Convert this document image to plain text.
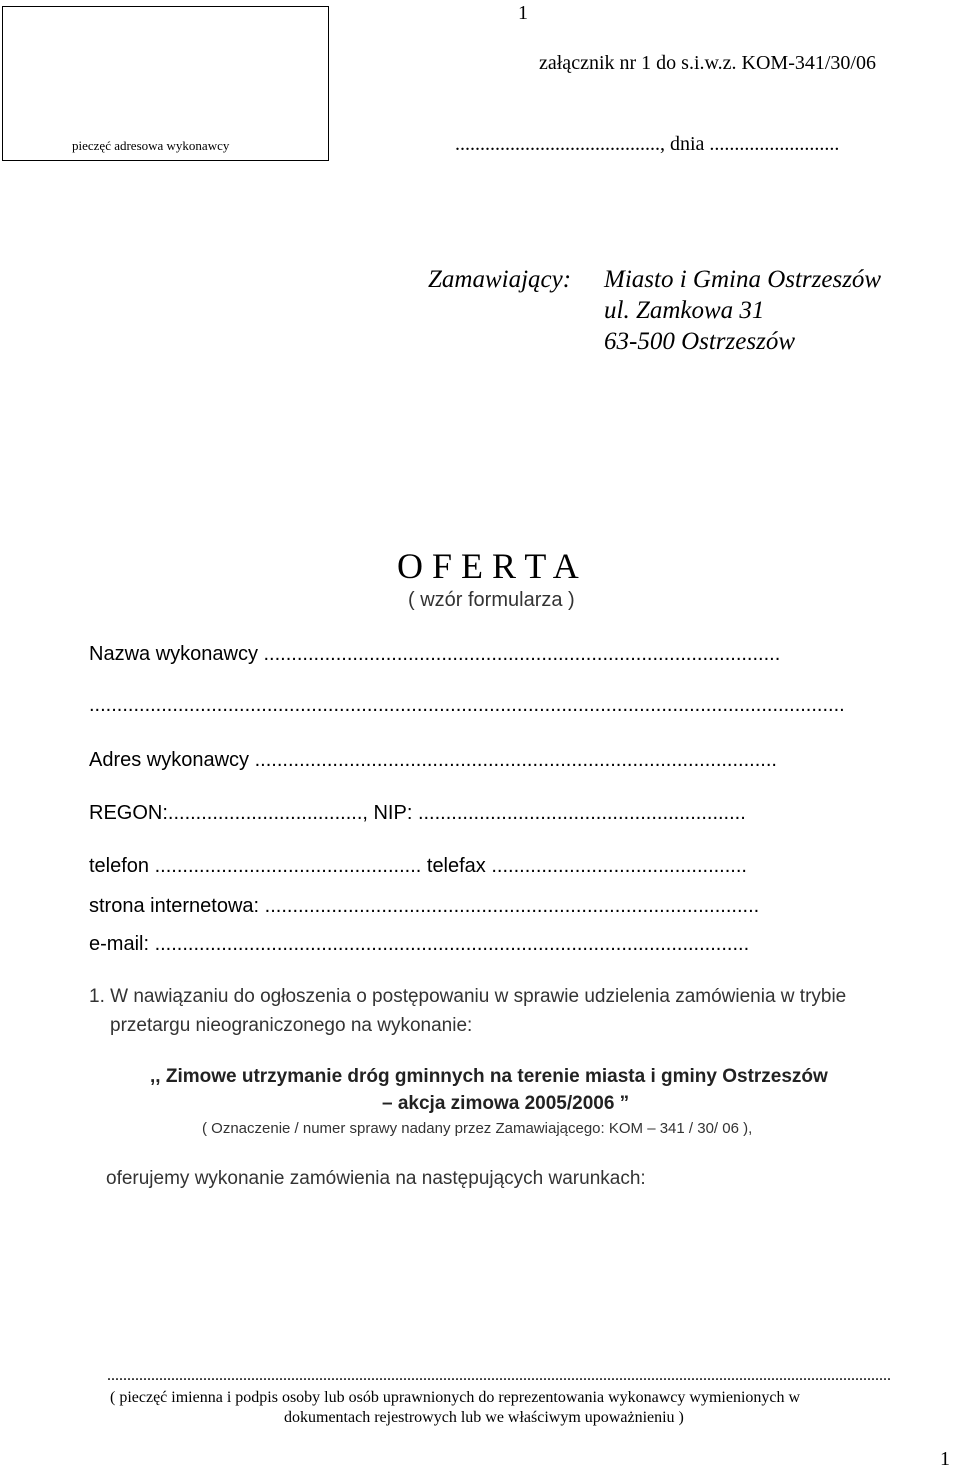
1
pieczęć adresowa wykonawcy
załącznik nr 1 do s.i.w.z. KOM-341/30/06
........................................., dnia ..........................
Zamawiający: Miasto i Gmina Ostrzeszów
ul. Zamkowa 31
63-500 Ostrzeszów
O F E R T A
( wzór formularza )
Nazwa wykonawcy .............................................................................................
........................................................................................................................................
Adres wykonawcy ..............................................................................................
REGON:..................................., NIP: ...........................................................
telefon ................................................ telefax ..............................................
strona internetowa: .........................................................................................
e-mail: ...........................................................................................................
1. W nawiązaniu do ogłoszenia o postępowaniu w sprawie udzielenia zamówienia w trybie
przetargu nieograniczonego na wykonanie:
,, Zimowe utrzymanie dróg gminnych na terenie miasta i gminy Ostrzeszów
– akcja zimowa 2005/2006 ”
( Oznaczenie / numer sprawy nadany przez Zamawiającego: KOM – 341 / 30/ 06 ),
oferujemy wykonanie zamówienia na następujących warunkach:
....................................................................................................................................................................................................
( pieczęć imienna i podpis osoby lub osób uprawnionych do reprezentowania wykonawcy wymienionych w
dokumentach rejestrowych lub we właściwym upoważnieniu )
1
